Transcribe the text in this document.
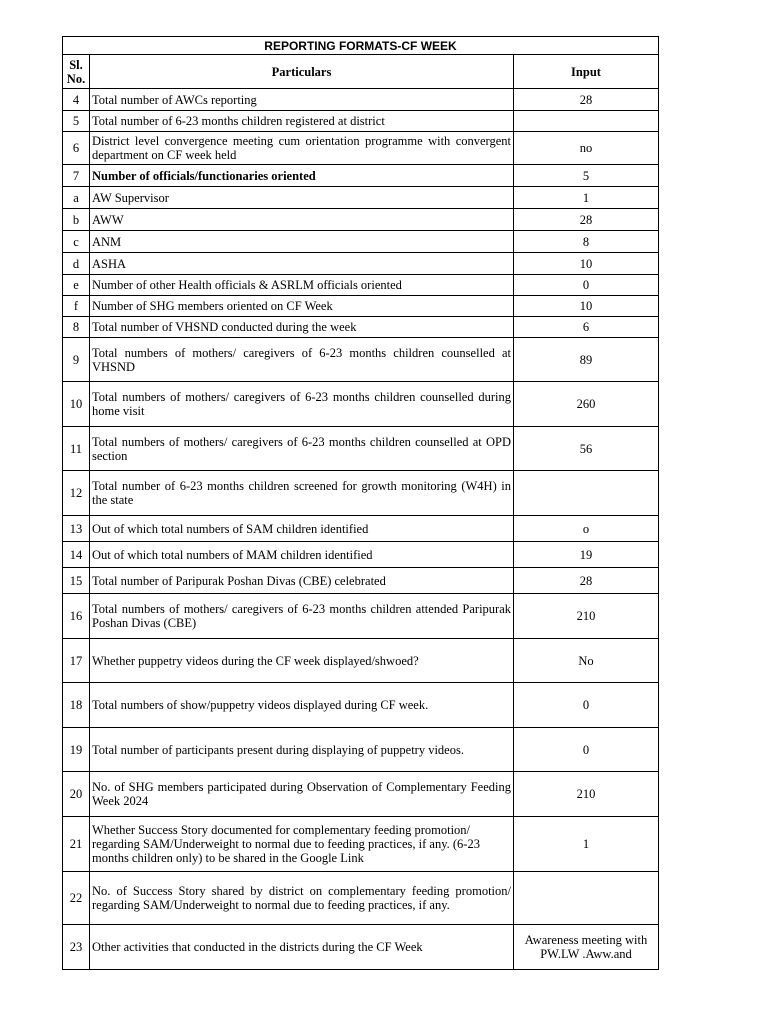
REPORTING FORMATS-CF WEEK		
Sl. No.	Particulars	Input
4	Total number of AWCs reporting	28
5	Total number of 6-23 months children registered at district	
6	District level convergence meeting cum orientation programme with convergent department on CF week held	no
7	Number of officials/functionaries oriented	5
a	AW Supervisor	1
b	AWW	28
c	ANM	8
d	ASHA	10
e	Number of other Health officials & ASRLM officials oriented	0
f	Number of SHG members oriented on CF Week	10
8	Total number of VHSND conducted during the week	6
9	Total numbers of mothers/ caregivers of 6-23 months children counselled at VHSND	89
10	Total numbers of mothers/ caregivers of 6-23 months children counselled during home visit	260
11	Total numbers of mothers/ caregivers of 6-23 months children counselled at OPD section	56
12	Total number of 6-23 months children screened for growth monitoring (W4H) in the state	
13	Out of which total numbers of SAM children identified	o
14	Out of which total numbers of MAM children identified	19
15	Total number of Paripurak Poshan Divas (CBE) celebrated	28
16	Total numbers of mothers/ caregivers of 6-23 months children attended Paripurak Poshan Divas (CBE)	210
17	Whether puppetry videos during the CF week displayed/shwoed?	No
18	Total numbers of show/puppetry videos displayed during CF week.	0
19	Total number of participants present during displaying of puppetry videos.	0
20	No. of SHG members participated during Observation of Complementary Feeding Week 2024	210
21	Whether Success Story documented for complementary feeding promotion/ regarding SAM/Underweight to normal due to feeding practices, if any. (6-23 months children only) to be shared in the Google Link	1
22	No. of Success Story shared by district on complementary feeding promotion/ regarding SAM/Underweight to normal due to feeding practices, if any.	
23	Other activities that conducted in the districts during the CF Week	Awareness meeting with PW.LW .Aww.and
